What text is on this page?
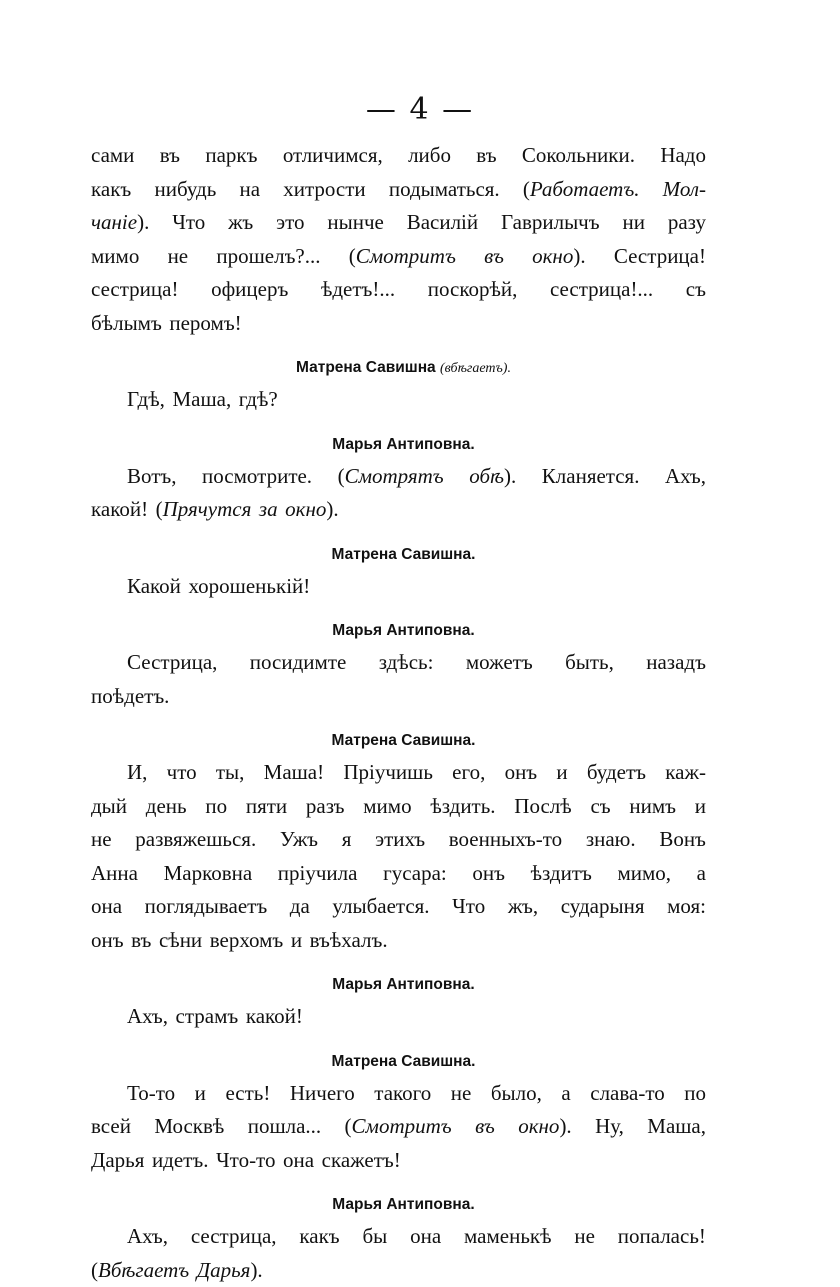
— 4 —
сами въ паркъ отличимся, либо въ Сокольники. Надо
какъ нибудь на хитрости подыматься. (Работаетъ. Мол-
чаніе). Что жъ это нынче Василій Гаврилычъ ни разу
мимо не прошелъ?... (Смотритъ въ окно). Сестрица!
сестрица! офицеръ ѣдетъ!... поскорѣй, сестрица!... съ
бѣлымъ перомъ!
Матрена Савишна (вбѣгаетъ).
Гдѣ, Маша, гдѣ?
Марья Антиповна.
Вотъ, посмотрите. (Смотрятъ обѣ). Кланяется. Ахъ,
какой! (Прячутся за окно).
Матрена Савишна.
Какой хорошенькій!
Марья Антиповна.
Сестрица, посидимте здѣсь: можетъ быть, назадъ
поѣдетъ.
Матрена Савишна.
И, что ты, Маша! Пріучишь его, онъ и будетъ каж-
дый день по пяти разъ мимо ѣздить. Послѣ съ нимъ и
не развяжешься. Ужъ я этихъ военныхъ-то знаю. Вонъ
Анна Марковна пріучила гусара: онъ ѣздитъ мимо, а
она поглядываетъ да улыбается. Что жъ, сударыня моя:
онъ въ сѣни верхомъ и въѣхалъ.
Марья Антиповна.
Ахъ, страмъ какой!
Матрена Савишна.
То-то и есть! Ничего такого не было, а слава-то по
всей Москвѣ пошла... (Смотритъ въ окно). Ну, Маша,
Дарья идетъ. Что-то она скажетъ!
Марья Антиповна.
Ахъ, сестрица, какъ бы она маменькѣ не попалась!
(Вбѣгаетъ Дарья).
